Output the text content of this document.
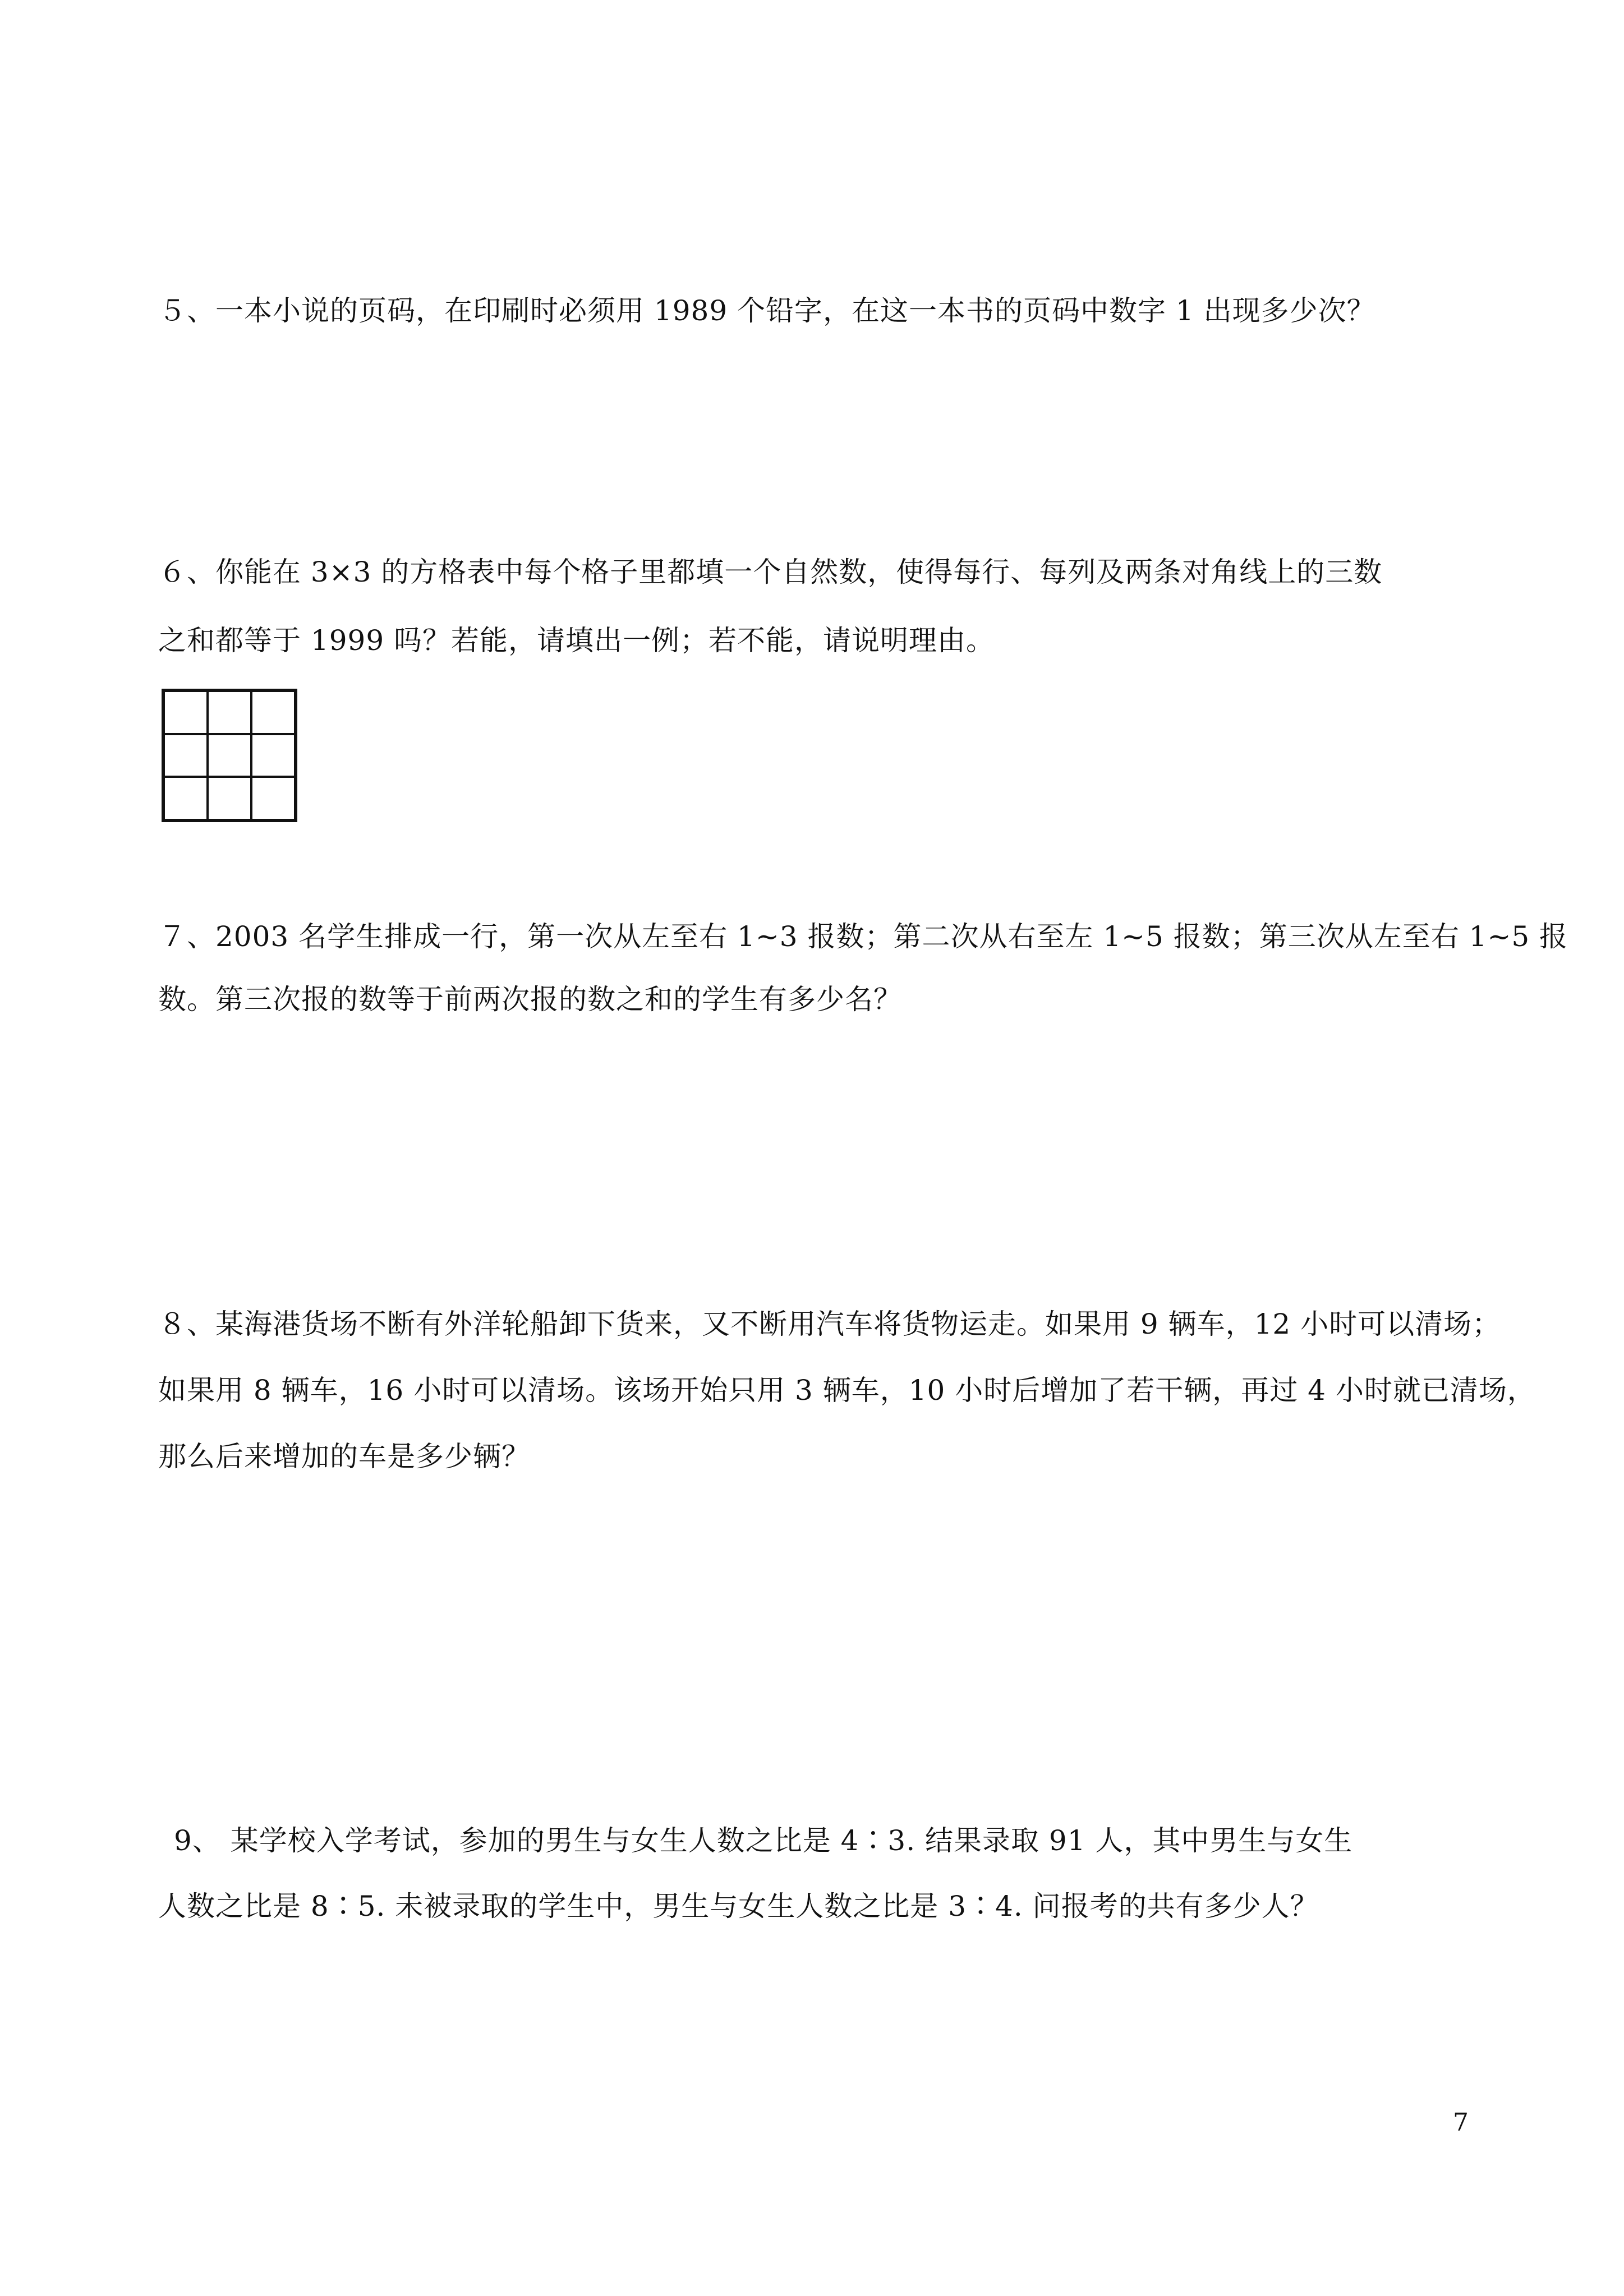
５、一本小说的页码，在印刷时必须用 1989 个铅字，在这一本书的页码中数字 1 出现多少次？
６、你能在 3×3 的方格表中每个格子里都填一个自然数，使得每行、每列及两条对角线上的三数
之和都等于 1999 吗？若能，请填出一例；若不能，请说明理由。
７、2003 名学生排成一行，第一次从左至右 1~3 报数；第二次从右至左 1~5 报数；第三次从左至右 1~5 报
数。第三次报的数等于前两次报的数之和的学生有多少名？
８、某海港货场不断有外洋轮船卸下货来，又不断用汽车将货物运走。如果用 9 辆车，12 小时可以清场；
如果用 8 辆车，16 小时可以清场。该场开始只用 3 辆车，10 小时后增加了若干辆，再过 4 小时就已清场，
那么后来增加的车是多少辆？
9、 某学校入学考试，参加的男生与女生人数之比是 4∶3. 结果录取 91 人，其中男生与女生
人数之比是 8∶5. 未被录取的学生中，男生与女生人数之比是 3∶4. 问报考的共有多少人？
7
